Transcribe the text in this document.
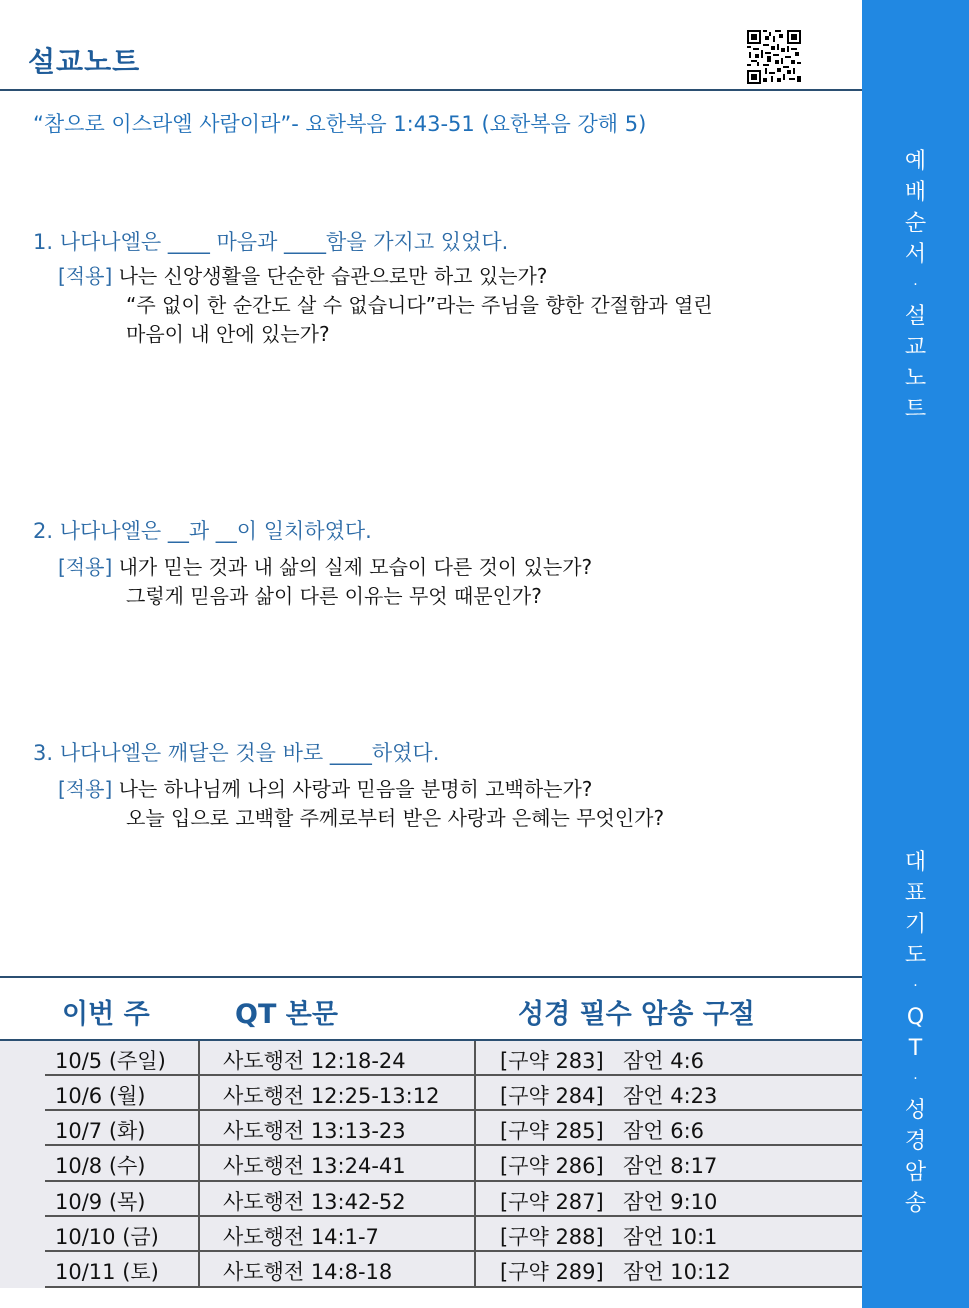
설교노트
“참으로 이스라엘 사람이라”- 요한복음 1:43-51 (요한복음 강해 5)
1. 나다나엘은 ____ 마음과 ____함을 가지고 있었다.
[적용] 나는 신앙생활을 단순한 습관으로만 하고 있는가?
“주 없이 한 순간도 살 수 없습니다”라는 주님을 향한 간절함과 열린
마음이 내 안에 있는가?
2. 나다나엘은 __과 __이 일치하였다.
[적용] 내가 믿는 것과 내 삶의 실제 모습이 다른 것이 있는가?
그렇게 믿음과 삶이 다른 이유는 무엇 때문인가?
3. 나다나엘은 깨달은 것을 바로 ____하였다.
[적용] 나는 하나님께 나의 사랑과 믿음을 분명히 고백하는가?
오늘 입으로 고백할 주께로부터 받은 사랑과 은혜는 무엇인가?
이번 주	QT 본문	성경 필수 암송 구절
10/5 (주일)	사도행전 12:18-24	[구약 283] 잠언 4:6
10/6 (월)	사도행전 12:25-13:12	[구약 284] 잠언 4:23
10/7 (화)	사도행전 13:13-23	[구약 285] 잠언 6:6
10/8 (수)	사도행전 13:24-41	[구약 286] 잠언 8:17
10/9 (목)	사도행전 13:42-52	[구약 287] 잠언 9:10
10/10 (금)	사도행전 14:1-7	[구약 288] 잠언 10:1
10/11 (토)	사도행전 14:8-18	[구약 289] 잠언 10:12
예
배
순
서
·
설
교
노
트
대
표
기
도
·
Q
T
·
성
경
암
송
